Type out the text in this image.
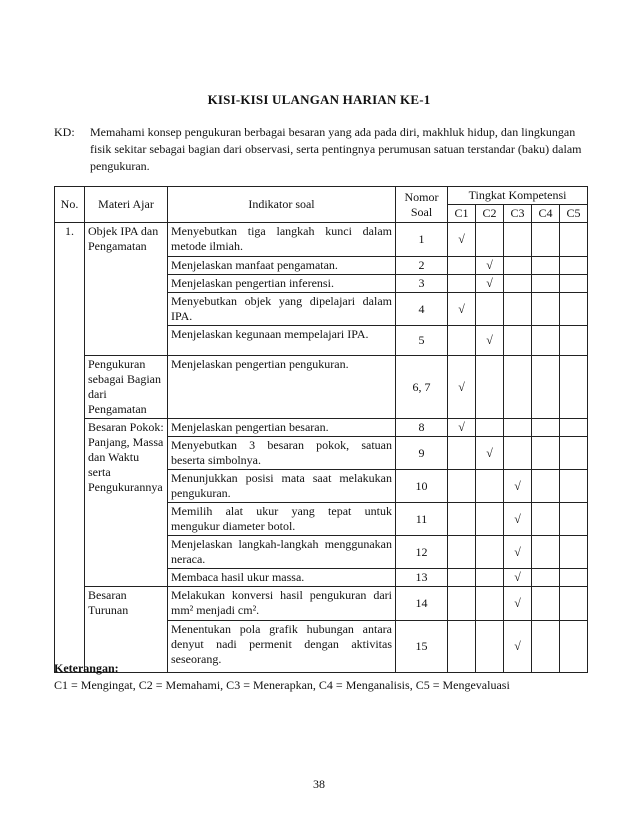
KISI-KISI ULANGAN HARIAN KE-1
KD: Memahami konsep pengukuran berbagai besaran yang ada pada diri, makhluk hidup, dan lingkungan fisik sekitar sebagai bagian dari observasi, serta pentingnya perumusan satuan terstandar (baku) dalam pengukuran.
No.	Materi Ajar	Indikator soal	Nomor Soal	Tingkat Kompetensi				
				C1	C2	C3	C4	C5
1.	Objek IPA dan Pengamatan	Menyebutkan tiga langkah kunci dalam metode ilmiah.	1	√				
		Menjelaskan manfaat pengamatan.	2		√			
		Menjelaskan pengertian inferensi.	3		√			
		Menyebutkan objek yang dipelajari dalam IPA.	4	√				
		Menjelaskan kegunaan mempelajari IPA.	5		√			
	Pengukuran sebagai Bagian dari Pengamatan	Menjelaskan pengertian pengukuran.	6, 7	√				
	Besaran Pokok: Panjang, Massa dan Waktu serta Pengukurannya	Menjelaskan pengertian besaran.	8	√				
		Menyebutkan 3 besaran pokok, satuan beserta simbolnya.	9		√			
		Menunjukkan posisi mata saat melakukan pengukuran.	10			√		
		Memilih alat ukur yang tepat untuk mengukur diameter botol.	11			√		
		Menjelaskan langkah-langkah menggunakan neraca.	12			√		
		Membaca hasil ukur massa.	13			√		
	Besaran Turunan	Melakukan konversi hasil pengukuran dari mm² menjadi cm².	14			√		
		Menentukan pola grafik hubungan antara denyut nadi permenit dengan aktivitas seseorang.	15			√		
Keterangan:
C1 = Mengingat, C2 = Memahami, C3 = Menerapkan, C4 = Menganalisis, C5 = Mengevaluasi
38
